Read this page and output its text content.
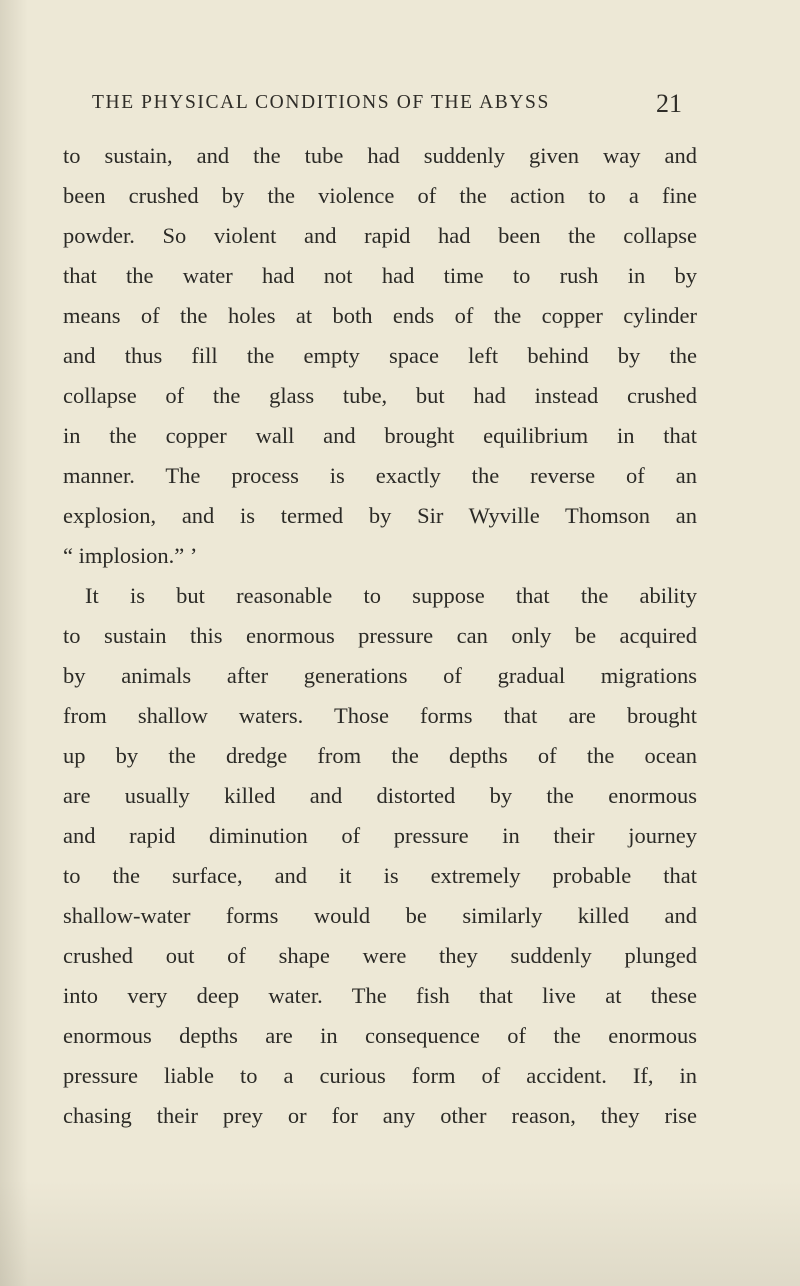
THE PHYSICAL CONDITIONS OF THE ABYSS	21
to sustain, and the tube had suddenly given way and
been crushed by the violence of the action to a fine
powder. So violent and rapid had been the collapse
that the water had not had time to rush in by
means of the holes at both ends of the copper cylinder
and thus fill the empty space left behind by the
collapse of the glass tube, but had instead crushed
in the copper wall and brought equilibrium in that
manner. The process is exactly the reverse of an
explosion, and is termed by Sir Wyville Thomson an
“ implosion.” ’
It is but reasonable to suppose that the ability
to sustain this enormous pressure can only be acquired
by animals after generations of gradual migrations
from shallow waters. Those forms that are brought
up by the dredge from the depths of the ocean
are usually killed and distorted by the enormous
and rapid diminution of pressure in their journey
to the surface, and it is extremely probable that
shallow-water forms would be similarly killed and
crushed out of shape were they suddenly plunged
into very deep water. The fish that live at these
enormous depths are in consequence of the enormous
pressure liable to a curious form of accident. If, in
chasing their prey or for any other reason, they rise
